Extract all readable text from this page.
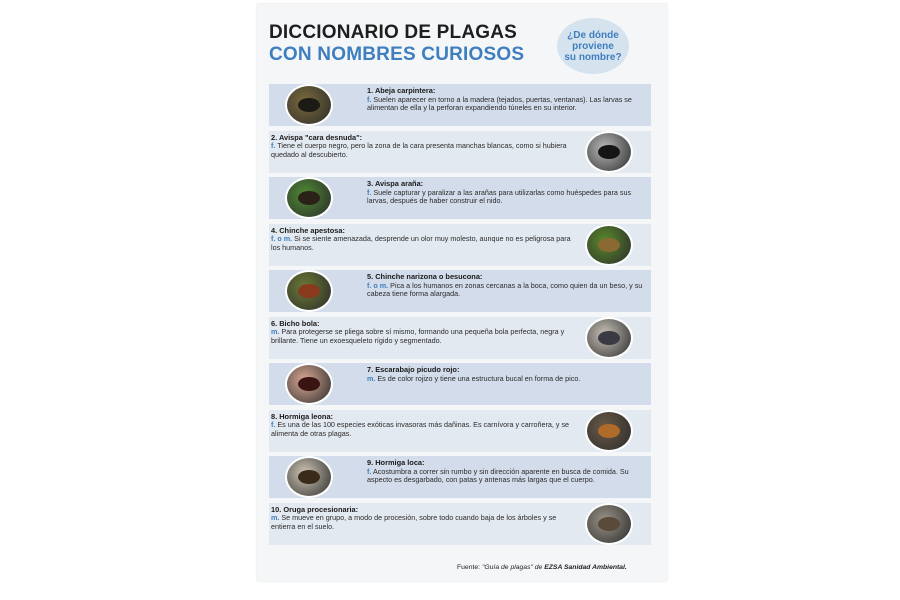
DICCIONARIO DE PLAGAS
CON NOMBRES CURIOSOS
¿De dónde
proviene
su nombre?
1. Abeja carpintera:
f. Suelen aparecer en torno a la madera (tejados, puertas, ventanas). Las larvas se alimentan de ella y la perforan expandiendo túneles en su interior.
2. Avispa "cara desnuda":
f. Tiene el cuerpo negro, pero la zona de la cara presenta manchas blancas, como si hubiera quedado al descubierto.
3. Avispa araña:
f. Suele capturar y paralizar a las arañas para utilizarlas como huéspedes para sus larvas, después de haber construir el nido.
4. Chinche apestosa:
f. o m. Si se siente amenazada, desprende un olor muy molesto, aunque no es peligrosa para los humanos.
5. Chinche narizona o besucona:
f. o m. Pica a los humanos en zonas cercanas a la boca, como quien da un beso, y su cabeza tiene forma alargada.
6. Bicho bola:
m. Para protegerse se pliega sobre sí mismo, formando una pequeña bola perfecta, negra y brillante. Tiene un exoesqueleto rígido y segmentado.
7. Escarabajo picudo rojo:
m. Es de color rojizo y tiene una estructura bucal en forma de pico.
8. Hormiga leona:
f. Es una de las 100 especies exóticas invasoras más dañinas. Es carnívora y carroñera, y se alimenta de otras plagas.
9. Hormiga loca:
f. Acostumbra a correr sin rumbo y sin dirección aparente en busca de comida. Su aspecto es desgarbado, con patas y antenas más largas que el cuerpo.
10. Oruga procesionaria:
m. Se mueve en grupo, a modo de procesión, sobre todo cuando baja de los árboles y se entierra en el suelo.
Fuente: "Guía de plagas" de EZSA Sanidad Ambiental.
